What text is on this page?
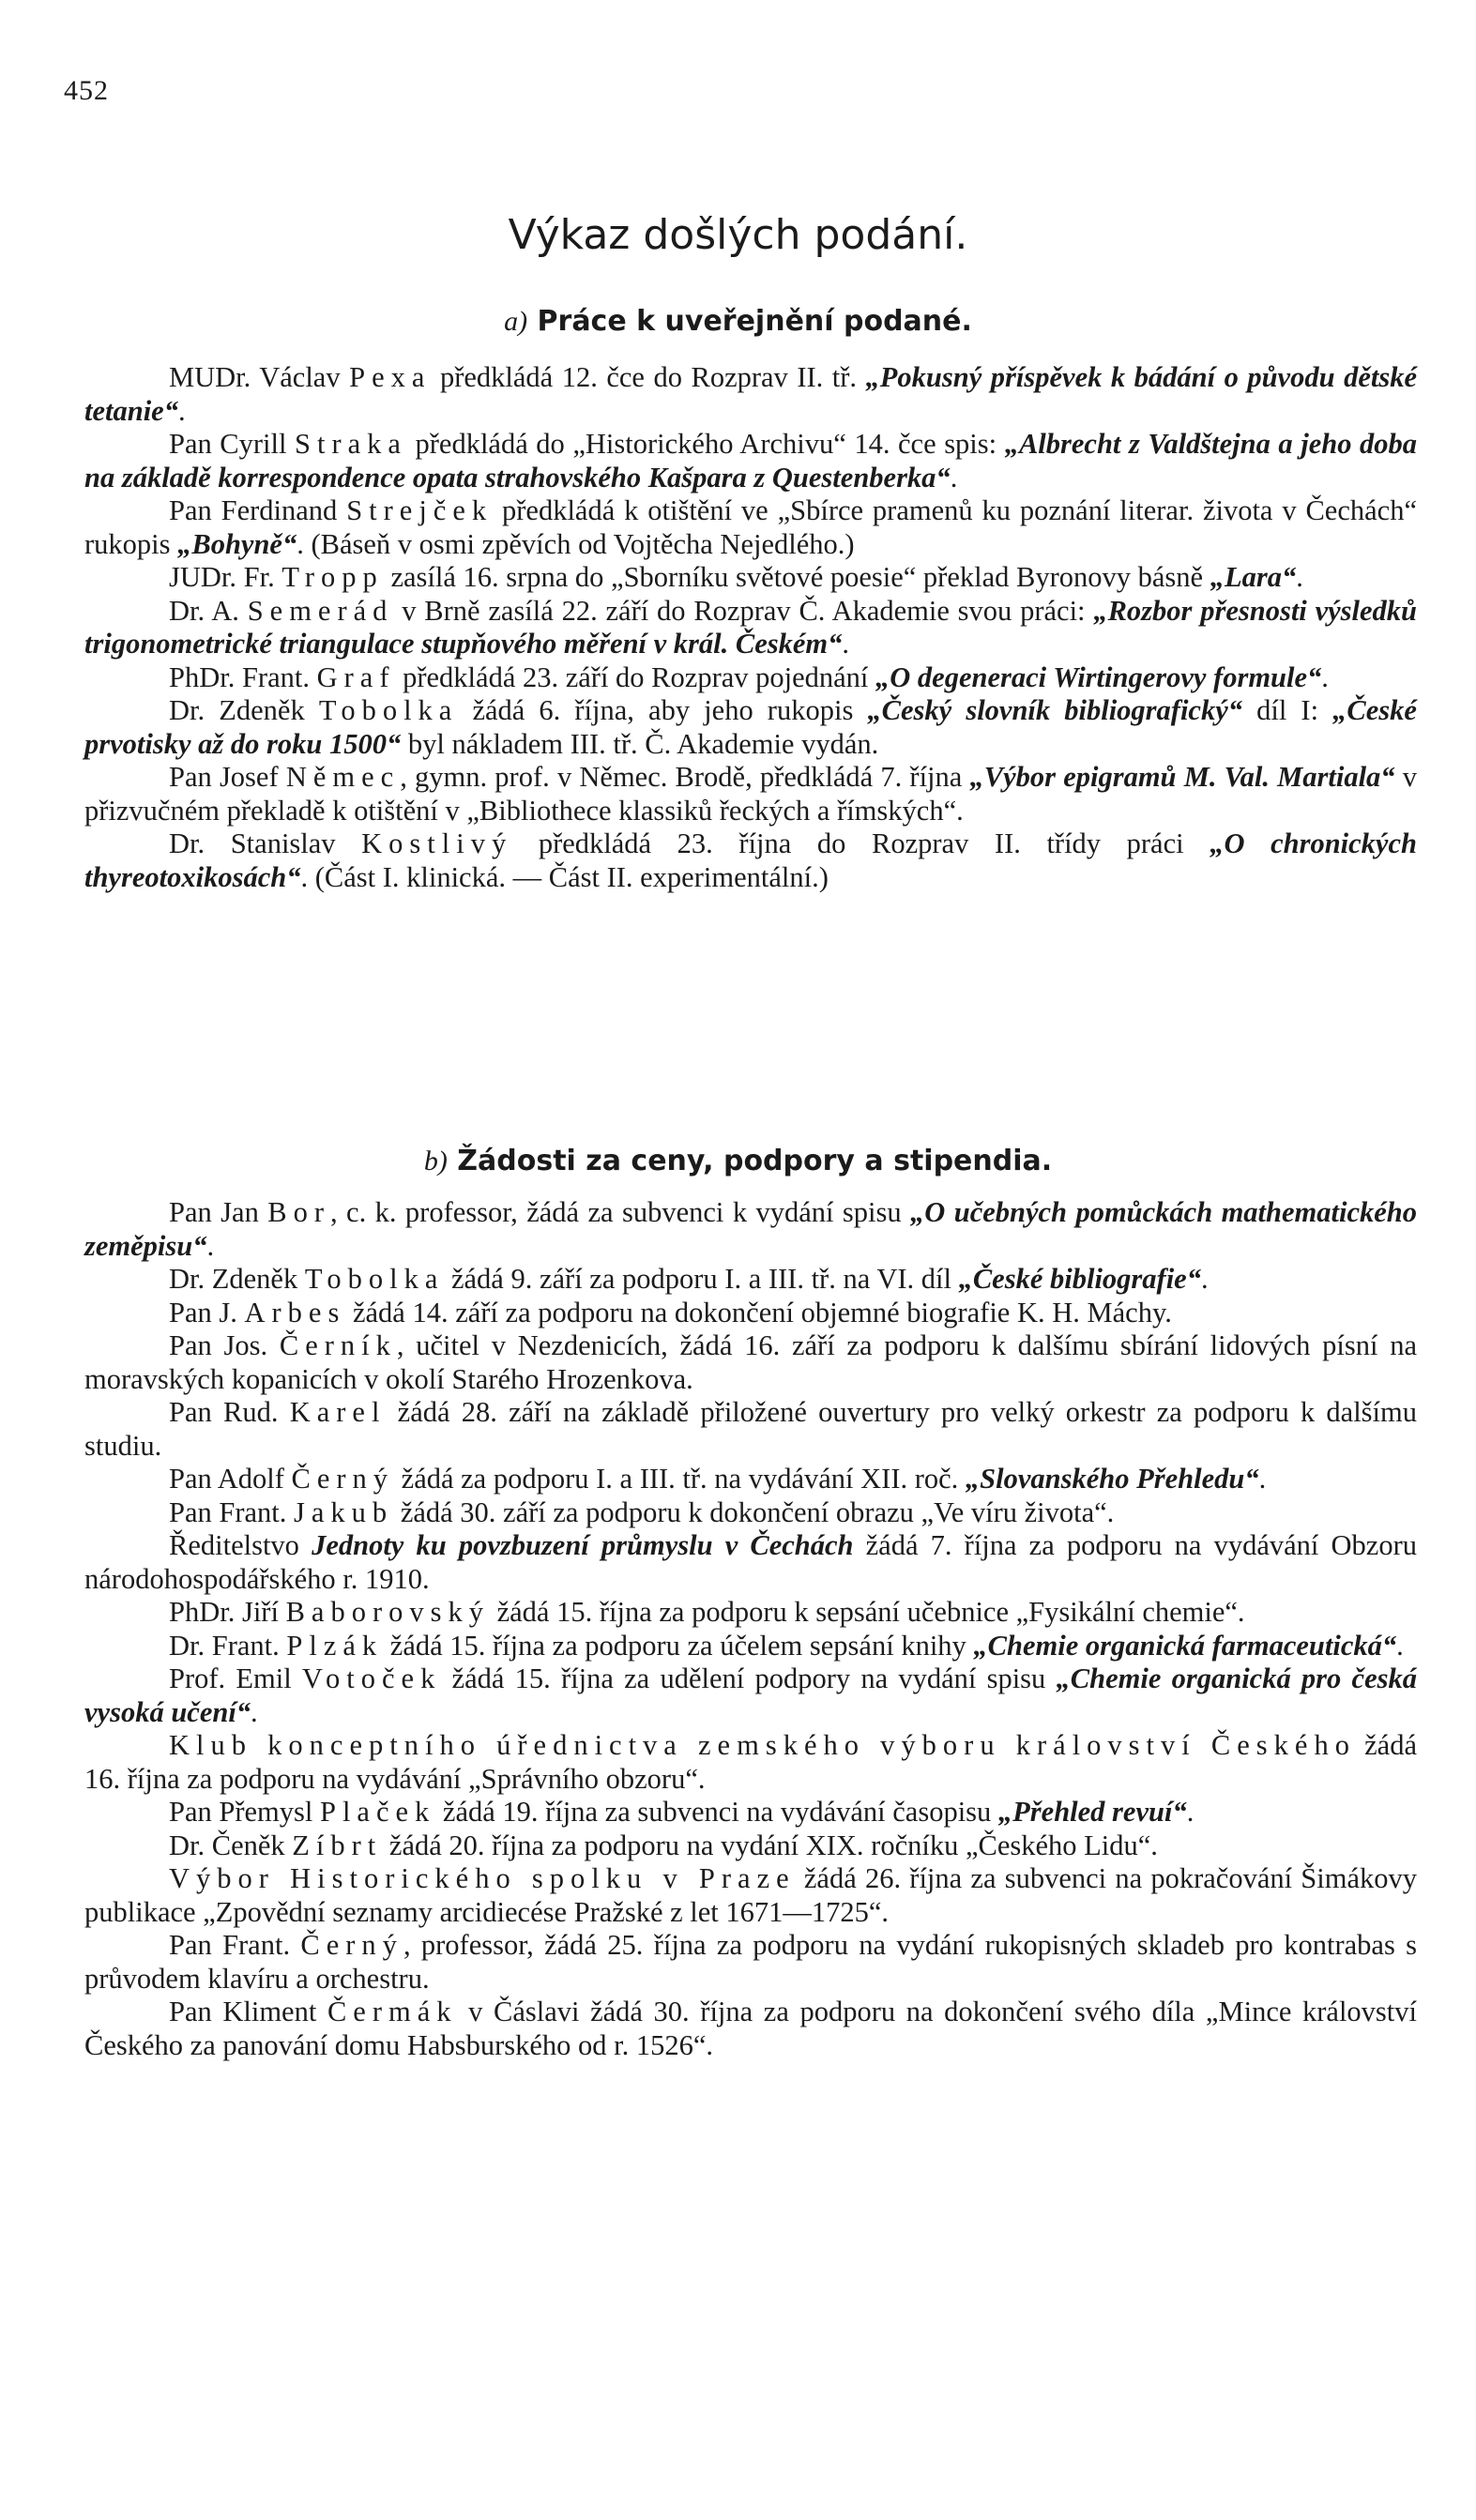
452
Výkaz došlých podání.
a) Práce k uveřejnění podané.

MUDr. Václav Pexa předkládá 12. čce do Rozprav II. tř. „Pokusný příspěvek k bádání o původu dětské tetanie“.

Pan Cyrill Straka předkládá do „Historického Archivu“ 14. čce spis: „Albrecht z Valdštejna a jeho doba na základě korrespondence opata strahovského Kašpara z Questenberka“.

Pan Ferdinand Strejček předkládá k otištění ve „Sbírce pramenů ku poznání literar. života v Čechách“ rukopis „Bohyně“. (Báseň v osmi zpěvích od Vojtěcha Nejedlého.)

JUDr. Fr. Tropp zasílá 16. srpna do „Sborníku světové poesie“ překlad Byronovy básně „Lara“.

Dr. A. Semerád v Brně zasílá 22. září do Rozprav Č. Akademie svou práci: „Rozbor přesnosti výsledků trigonometrické triangulace stupňového měření v král. Českém“.

PhDr. Frant. Graf předkládá 23. září do Rozprav pojednání „O degeneraci Wirtingerovy formule“.

Dr. Zdeněk Tobolka žádá 6. října, aby jeho rukopis „Český slovník bibliografický“ díl I: „České prvotisky až do roku 1500“ byl nákladem III. tř. Č. Akademie vydán.

Pan Josef Němec, gymn. prof. v Němec. Brodě, předkládá 7. října „Výbor epigramů M. Val. Martiala“ v přizvučném překladě k otištění v „Bibliothece klassiků řeckých a římských“.

Dr. Stanislav Kostlivý předkládá 23. října do Rozprav II. třídy práci „O chronických thyreotoxikosách“. (Část I. klinická. — Část II. experimentální.)

b) Žádosti za ceny, podpory a stipendia.

Pan Jan Bor, c. k. professor, žádá za subvenci k vydání spisu „O učebných pomůckách mathematického zeměpisu“.

Dr. Zdeněk Tobolka žádá 9. září za podporu I. a III. tř. na VI. díl „České bibliografie“.

Pan J. Arbes žádá 14. září za podporu na dokončení objemné biografie K. H. Máchy.

Pan Jos. Černík, učitel v Nezdenicích, žádá 16. září za podporu k dalšímu sbírání lidových písní na moravských kopanicích v okolí Starého Hrozenkova.

Pan Rud. Karel žádá 28. září na základě přiložené ouvertury pro velký orkestr za podporu k dalšímu studiu.

Pan Adolf Černý žádá za podporu I. a III. tř. na vydávání XII. roč. „Slovanského Přehledu“.

Pan Frant. Jakub žádá 30. září za podporu k dokončení obrazu „Ve víru života“.

Ředitelstvo Jednoty ku povzbuzení průmyslu v Čechách žádá 7. října za podporu na vydávání Obzoru národohospodářského r. 1910.

PhDr. Jiří Baborovský žádá 15. října za podporu k sepsání učebnice „Fysikální chemie“.

Dr. Frant. Plzák žádá 15. října za podporu za účelem sepsání knihy „Chemie organická farmaceutická“.

Prof. Emil Votoček žádá 15. října za udělení podpory na vydání spisu „Chemie organická pro česká vysoká učení“.

Klub konceptního úřednictva zemského výboru království Českého žádá 16. října za podporu na vydávání „Správního obzoru“.

Pan Přemysl Plaček žádá 19. října za subvenci na vydávání časopisu „Přehled revuí“.

Dr. Čeněk Zíbrt žádá 20. října za podporu na vydání XIX. ročníku „Českého Lidu“.

Výbor Historického spolku v Praze žádá 26. října za subvenci na pokračování Šimákovy publikace „Zpovědní seznamy arcidiecése Pražské z let 1671—1725“.

Pan Frant. Černý, professor, žádá 25. října za podporu na vydání rukopisných skladeb pro kontrabas s průvodem klavíru a orchestru.

Pan Kliment Čermák v Čáslavi žádá 30. října za podporu na dokončení svého díla „Mince království Českého za panování domu Habsburského od r. 1526“.
